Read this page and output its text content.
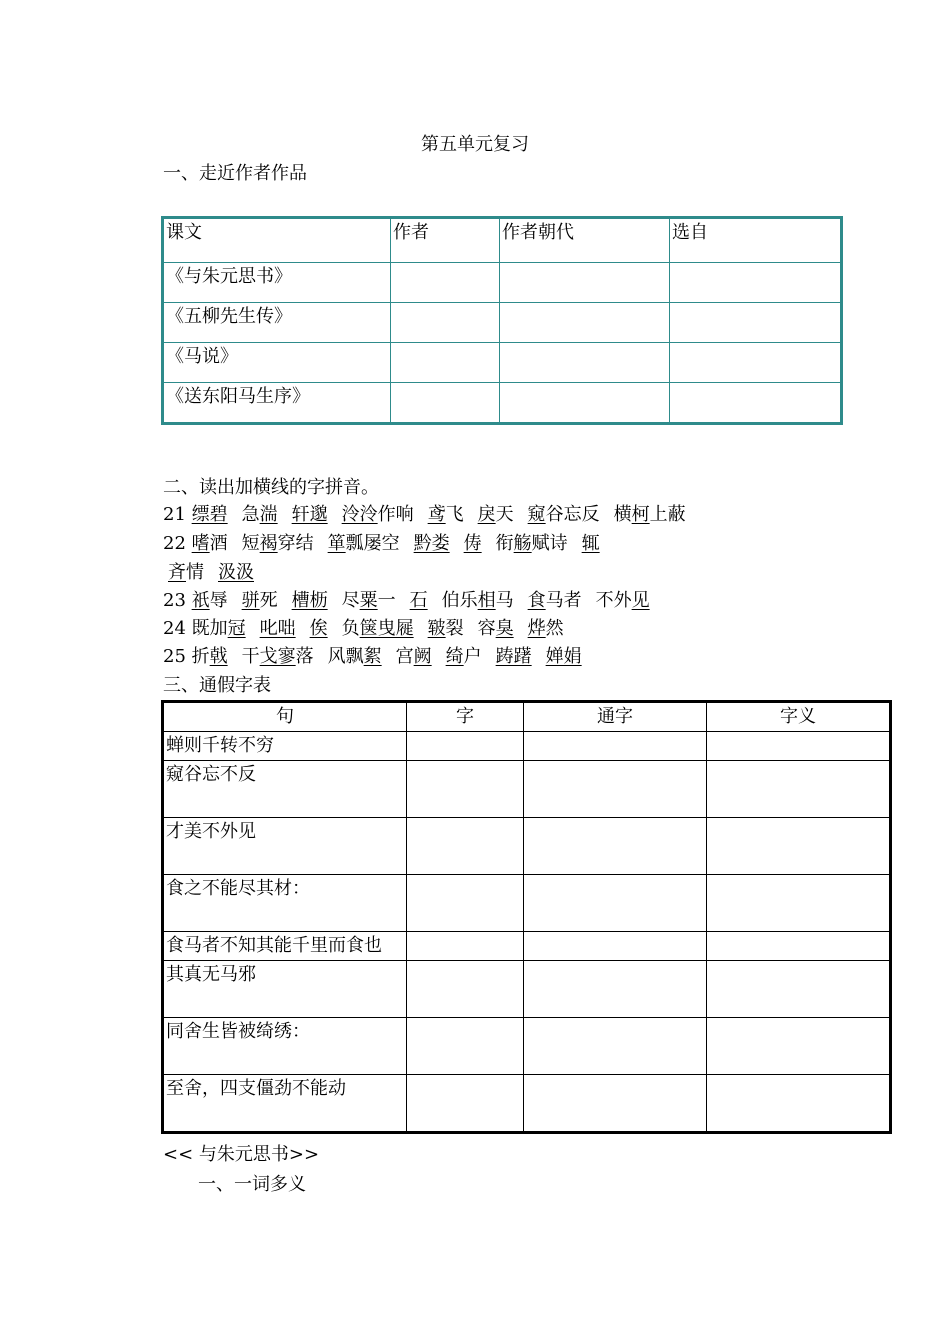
第五单元复习
一、走近作者作品
课文	作者	作者朝代	选自
《与朱元思书》			
《五柳先生传》			
《马说》			
《送东阳马生序》			
二、读出加横线的字拼音。
21 缥碧 急湍 轩邈 泠泠作响 鸢飞 戾天 窥谷忘反 横柯上蔽
22 嗜酒 短褐穿结 箪瓢屡空 黔娄 俦 衔觞赋诗 辄
斉情 汲汲
23 祇辱 骈死 槽枥 尽粟一 石 伯乐相马 食马者 不外见
24 既加冠 叱咄 俟 负箧曳屣 皲裂 容臭 烨然
25 折戟 干戈寥落 风飘絮 宫阙 绮户 踌躇 婵娟
三、通假字表
句	字	通字	字义
蝉则千转不穷			
窥谷忘不反			
才美不外见			
食之不能尽其材：			
食马者不知其能千里而食也			
其真无马邪			
同舍生皆被绮绣：			
至舍，四支僵劲不能动			
<< 与朱元思书>>
一、一词多义
